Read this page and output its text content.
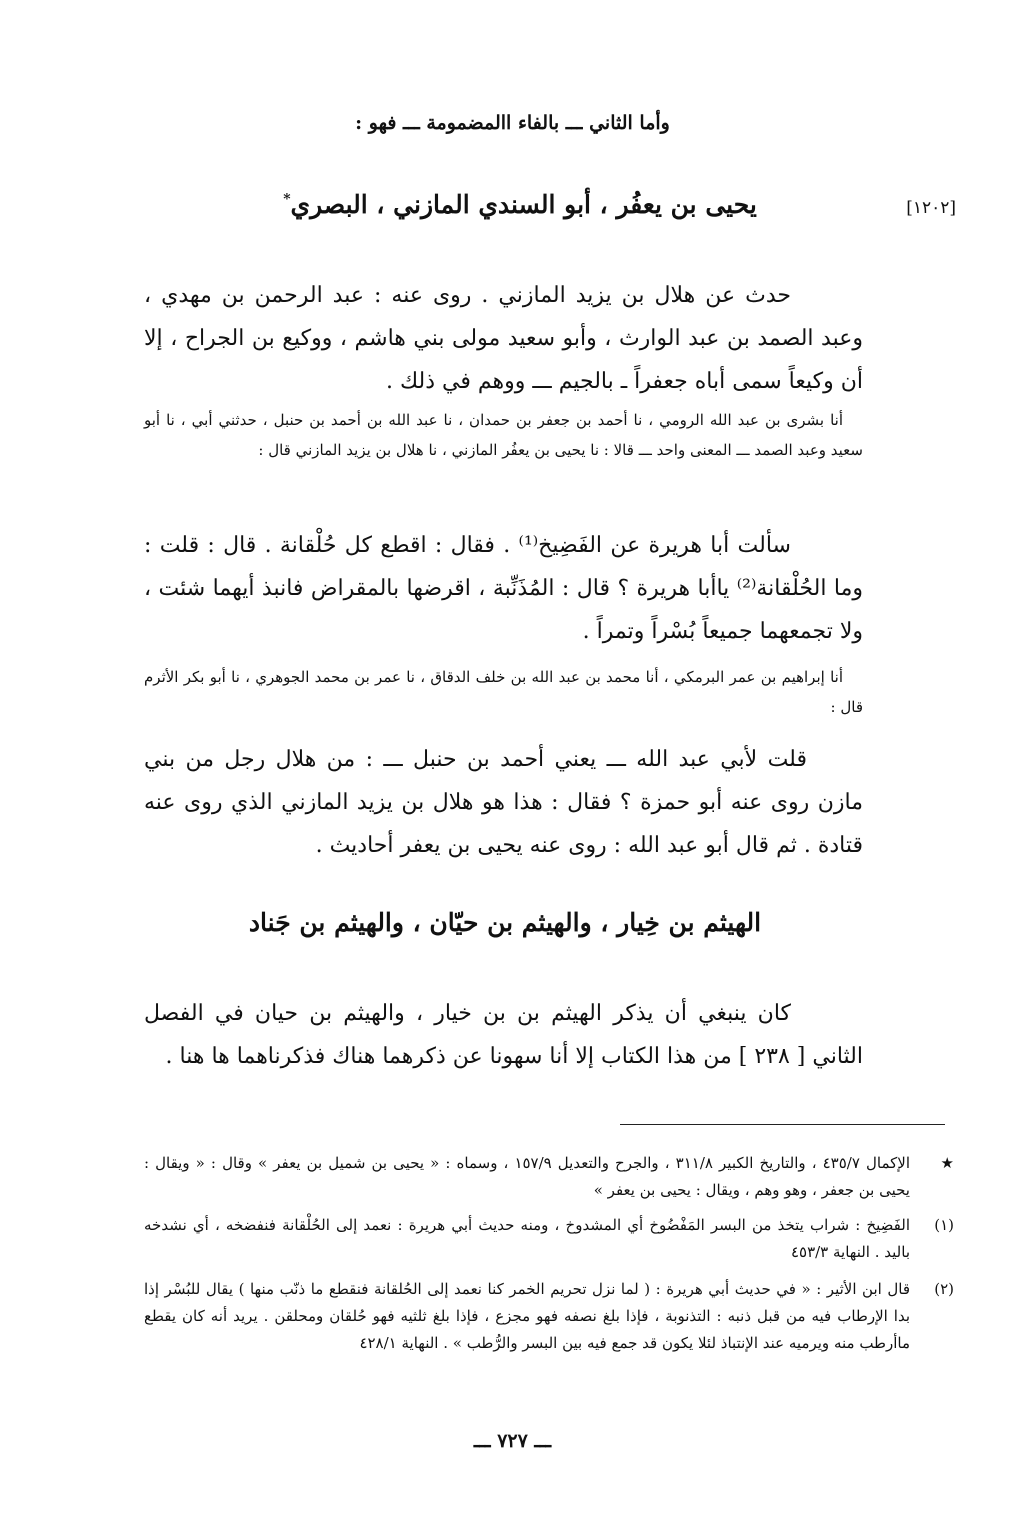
وأما الثاني ـــ بالفاء االمضمومة ـــ فهو :
[١٢٠٢]
يحيى بن يعفُر ، أبو السندي المازني ، البصري*
حدث عن هلال بن يزيد المازني . روى عنه : عبد الرحمن بن مهدي ، وعبد الصمد بن عبد الوارث ، وأبو سعيد مولى بني هاشم ، ووكيع بن الجراح ، إلا أن وكيعاً سمى أباه جعفراً ـ بالجيم ـــ ووهم في ذلك .
أنا بشرى بن عبد الله الرومي ، نا أحمد بن جعفر بن حمدان ، نا عبد الله بن أحمد بن حنبل ، حدثني أبي ، نا أبو سعيد وعبد الصمد ـــ المعنى واحد ـــ قالا : نا يحيى بن يعفُر المازني ، نا هلال بن يزيد المازني قال :
سألت أبا هريرة عن الفَضِيخ⁽¹⁾ . فقال : اقطع كل حُلْقانة . قال : قلت : وما الحُلْقانة⁽²⁾ ياأبا هريرة ؟ قال : المُذَنِّبة ، اقرضها بالمقراض فانبذ أيهما شئت ، ولا تجمعهما جميعاً بُسْراً وتمراً .
أنا إبراهيم بن عمر البرمكي ، أنا محمد بن عبد الله بن خلف الدقاق ، نا عمر بن محمد الجوهري ، نا أبو بكر الأثرم قال :
قلت لأبي عبد الله ـــ يعني أحمد بن حنبل ـــ : من هلال رجل من بني مازن روى عنه أبو حمزة ؟ فقال : هذا هو هلال بن يزيد المازني الذي روى عنه قتادة . ثم قال أبو عبد الله : روى عنه يحيى بن يعفر أحاديث .
الهيثم بن خِيار ، والهيثم بن حيّان ، والهيثم بن جَناد
كان ينبغي أن يذكر الهيثم بن بن خيار ، والهيثم بن حيان في الفصل الثاني [ ٢٣٨ ] من هذا الكتاب إلا أنا سهونا عن ذكرهما هناك فذكرناهما ها هنا .
★
الإكمال ٤٣٥/٧ ، والتاريخ الكبير ٣١١/٨ ، والجرح والتعديل ١٥٧/٩ ، وسماه : « يحيى بن شميل بن يعفر » وقال : « ويقال : يحيى بن جعفر ، وهو وهم ، ويقال : يحيى بن يعفر »
(١)
الفَضِيخ : شراب يتخذ من البسر المَفْضُوخ أي المشدوخ ، ومنه حديث أبي هريرة : نعمد إلى الحُلْقانة فنفضخه ، أي نشدخه باليد . النهاية ٤٥٣/٣
(٢)
قال ابن الأثير : « في حديث أبي هريرة : ( لما نزل تحريم الخمر كنا نعمد إلى الحُلقانة فنقطع ما ذنّب منها ) يقال للبُسْر إذا بدا الإرطاب فيه من قبل ذنبه : التذنوبة ، فإذا بلغ نصفه فهو مجزع ، فإذا بلغ ثلثيه فهو حُلقان ومحلقن . يريد أنه كان يقطع ماأرطب منه ويرميه عند الإنتباذ لئلا يكون قد جمع فيه بين البسر والرُّطب » . النهاية ٤٢٨/١
ـــ ٧٢٧ ـــ
